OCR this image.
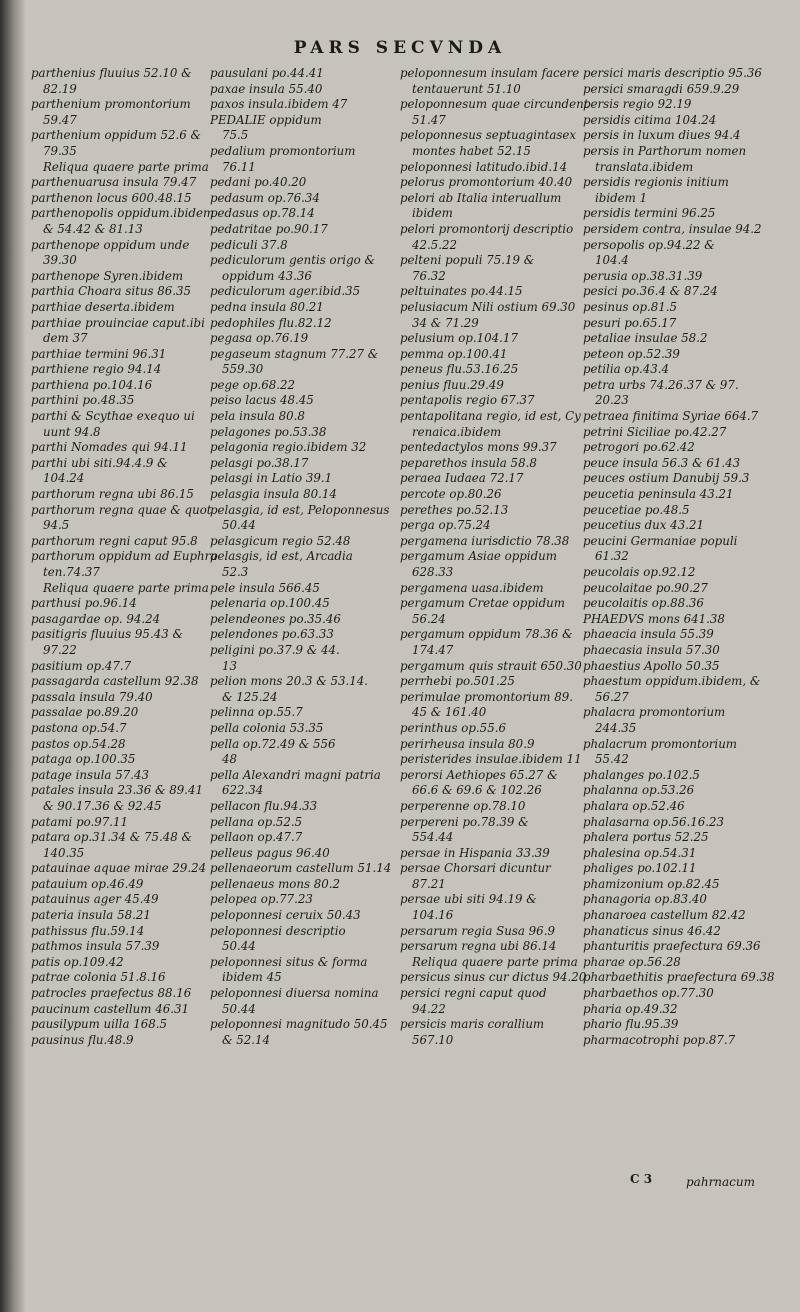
PARS SECVNDA
parthenius fluuius 52.10 &
82.19
parthenium promontorium
59.47
parthenium oppidum 52.6 &
79.35
Reliqua quaere parte prima
parthenuarusa insula 79.47
parthenon locus 600.48.15
parthenopolis oppidum.ibidem
& 54.42 & 81.13
parthenope oppidum unde
39.30
parthenope Syren.ibidem
parthia Choara situs 86.35
parthiae deserta.ibidem
parthiae prouinciae caput.ibi
dem 37
parthiae termini 96.31
parthiene regio 94.14
parthiena po.104.16
parthini po.48.35
parthi & Scythae exequo ui
uunt 94.8
parthi Nomades qui 94.11
parthi ubi siti.94.4.9 &
104.24
parthorum regna ubi 86.15
parthorum regna quae & quot
94.5
parthorum regni caput 95.8
parthorum oppidum ad Euphra
ten.74.37
Reliqua quaere parte prima
parthusi po.96.14
pasagardae op. 94.24
pasitigris fluuius 95.43 &
97.22
pasitium op.47.7
passagarda castellum 92.38
passala insula 79.40
passalae po.89.20
pastona op.54.7
pastos op.54.28
pataga op.100.35
patage insula 57.43
patales insula 23.36 & 89.41
& 90.17.36 & 92.45
patami po.97.11
patara op.31.34 & 75.48 &
140.35
patauinae aquae mirae 29.24
patauium op.46.49
patauinus ager 45.49
pateria insula 58.21
pathissus flu.59.14
pathmos insula 57.39
patis op.109.42
patrae colonia 51.8.16
patrocles praefectus 88.16
paucinum castellum 46.31
pausilypum uilla 168.5
pausinus flu.48.9
pausulani po.44.41
paxae insula 55.40
paxos insula.ibidem 47
PEDALIE oppidum
75.5
pedalium promontorium
76.11
pedani po.40.20
pedasum op.76.34
pedasus op.78.14
pedatritae po.90.17
pediculi 37.8
pediculorum gentis origo &
oppidum 43.36
pediculorum ager.ibid.35
pedna insula 80.21
pedophiles flu.82.12
pegasa op.76.19
pegaseum stagnum 77.27 &
559.30
pege op.68.22
peiso lacus 48.45
pela insula 80.8
pelagones po.53.38
pelagonia regio.ibidem 32
pelasgi po.38.17
pelasgi in Latio 39.1
pelasgia insula 80.14
pelasgia, id est, Peloponnesus
50.44
pelasgicum regio 52.48
pelasgis, id est, Arcadia
52.3
pele insula 566.45
pelenaria op.100.45
pelendeones po.35.46
pelendones po.63.33
peligini po.37.9 & 44.
13
pelion mons 20.3 & 53.14.
& 125.24
pelinna op.55.7
pella colonia 53.35
pella op.72.49 & 556
48
pella Alexandri magni patria
622.34
pellacon flu.94.33
pellana op.52.5
pellaon op.47.7
pelleus pagus 96.40
pellenaeorum castellum 51.14
pellenaeus mons 80.2
pelopea op.77.23
peloponnesi ceruix 50.43
peloponnesi descriptio
50.44
peloponnesi situs & forma
ibidem 45
peloponnesi diuersa nomina
50.44
peloponnesi magnitudo 50.45
& 52.14
peloponnesum insulam facere
tentauerunt 51.10
peloponnesum quae circundent
51.47
peloponnesus septuagintasex
montes habet 52.15
peloponnesi latitudo.ibid.14
pelorus promontorium 40.40
pelori ab Italia interuallum
ibidem
pelori promontorij descriptio
42.5.22
pelteni populi 75.19 &
76.32
peltuinates po.44.15
pelusiacum Nili ostium 69.30
34 & 71.29
pelusium op.104.17
pemma op.100.41
peneus flu.53.16.25
penius fluu.29.49
pentapolis regio 67.37
pentapolitana regio, id est, Cy
renaica.ibidem
pentedactylos mons 99.37
peparethos insula 58.8
peraea Iudaea 72.17
percote op.80.26
perethes po.52.13
perga op.75.24
pergamena iurisdictio 78.38
pergamum Asiae oppidum
628.33
pergamena uasa.ibidem
pergamum Cretae oppidum
56.24
pergamum oppidum 78.36 &
174.47
pergamum quis strauit 650.30
perrhebi po.501.25
perimulae promontorium 89.
45 & 161.40
perinthus op.55.6
perirheusa insula 80.9
peristerides insulae.ibidem 11
perorsi Aethiopes 65.27 &
66.6 & 69.6 & 102.26
perperenne op.78.10
perpereni po.78.39 &
554.44
persae in Hispania 33.39
persae Chorsari dicuntur
87.21
persae ubi siti 94.19 &
104.16
persarum regia Susa 96.9
persarum regna ubi 86.14
Reliqua quaere parte prima
persicus sinus cur dictus 94.20
persici regni caput quod
94.22
persicis maris corallium
567.10
persici maris descriptio 95.36
persici smaragdi 659.9.29
persis regio 92.19
persidis citima 104.24
persis in luxum diues 94.4
persis in Parthorum nomen
translata.ibidem
persidis regionis initium
ibidem 1
persidis termini 96.25
persidem contra, insulae 94.2
persopolis op.94.22 &
104.4
perusia op.38.31.39
pesici po.36.4 & 87.24
pesinus op.81.5
pesuri po.65.17
petaliae insulae 58.2
peteon op.52.39
petilia op.43.4
petra urbs 74.26.37 & 97.
20.23
petraea finitima Syriae 664.7
petrini Siciliae po.42.27
petrogori po.62.42
peuce insula 56.3 & 61.43
peuces ostium Danubij 59.3
peucetia peninsula 43.21
peucetiae po.48.5
peucetius dux 43.21
peucini Germaniae populi
61.32
peucolais op.92.12
peucolaitae po.90.27
peucolaitis op.88.36
PHAEDVS mons 641.38
phaeacia insula 55.39
phaecasia insula 57.30
phaestius Apollo 50.35
phaestum oppidum.ibidem, &
56.27
phalacra promontorium
244.35
phalacrum promontorium
55.42
phalanges po.102.5
phalanna op.53.26
phalara op.52.46
phalasarna op.56.16.23
phalera portus 52.25
phalesina op.54.31
phaliges po.102.11
phamizonium op.82.45
phanagoria op.83.40
phanaroea castellum 82.42
phanaticus sinus 46.42
phanturitis praefectura 69.36
pharae op.56.28
pharbaethitis praefectura 69.38
pharbaethos op.77.30
pharia op.49.32
phario flu.95.39
pharmacotrophi pop.87.7
C 3	pahrnacum
